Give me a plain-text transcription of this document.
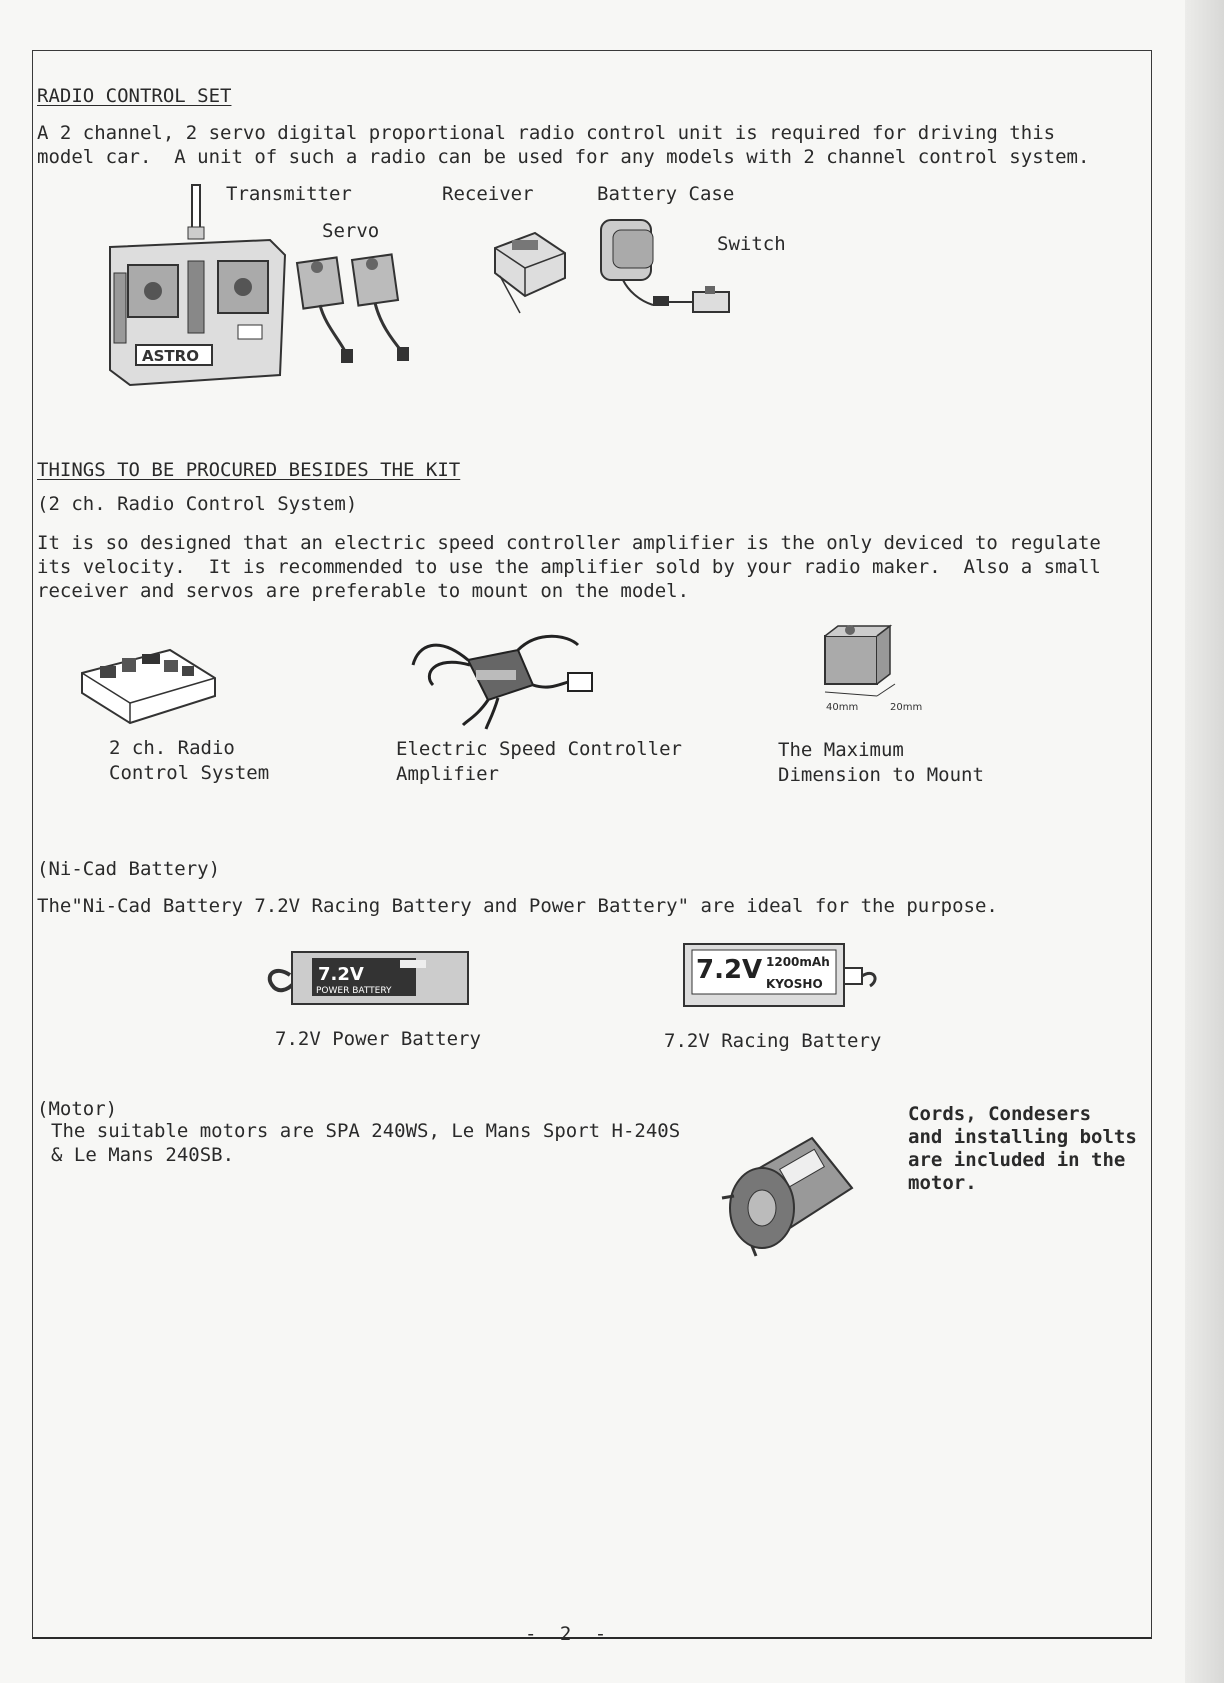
RADIO CONTROL SET
A 2 channel, 2 servo digital proportional radio control unit is required for driving this
model car.  A unit of such a radio can be used for any models with 2 channel control system.
Transmitter
Servo
Receiver	Battery Case
Switch
ASTRO
THINGS TO BE PROCURED BESIDES THE KIT
(2 ch. Radio Control System)
It is so designed that an electric speed controller amplifier is the only deviced to regulate
its velocity.  It is recommended to use the amplifier sold by your radio maker.  Also a small
receiver and servos are preferable to mount on the model.
40mm	20mm
2 ch. Radio
Control System
Electric Speed Controller
Amplifier
The Maximum
Dimension to Mount
(Ni-Cad Battery)
The"Ni-Cad Battery 7.2V Racing Battery and Power Battery" are ideal for the purpose.
7.2V
POWER BATTERY
7.2V 1200mAh
KYOSHO
7.2V Power Battery	7.2V Racing Battery
(Motor)
The suitable motors are SPA 240WS, Le Mans Sport H-240S
& Le Mans 240SB.
Cords, Condesers
and installing bolts
are included in the
motor.
- 2 -
